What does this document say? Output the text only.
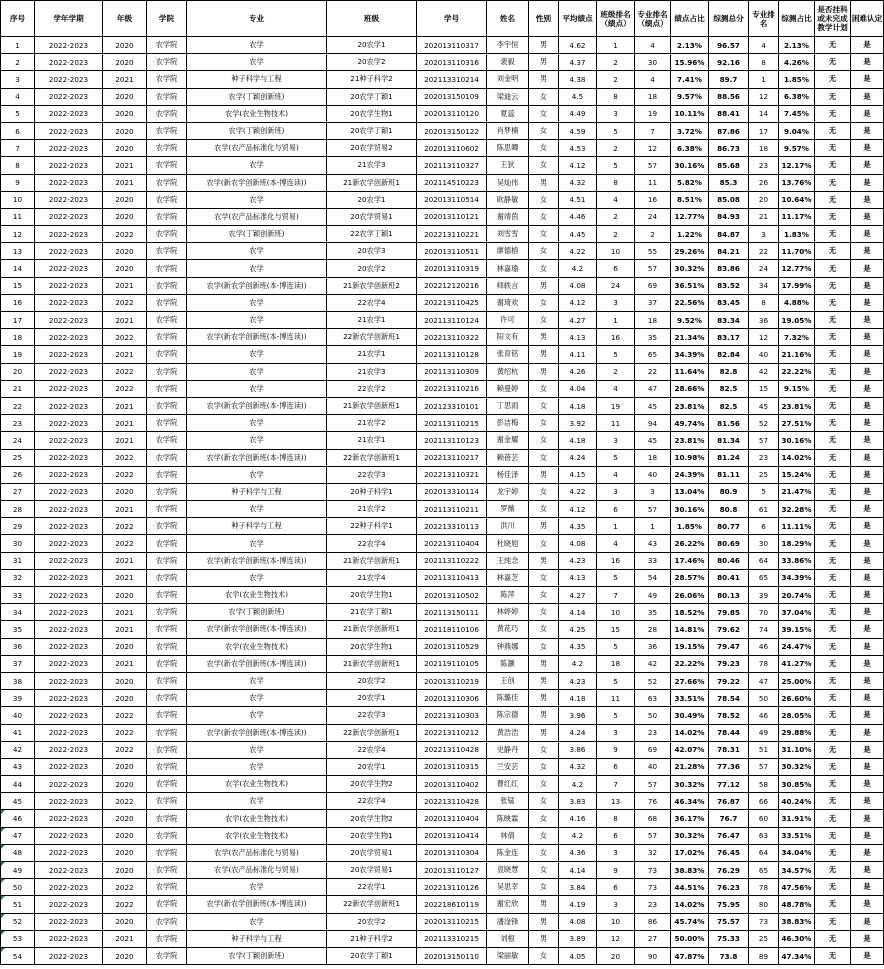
序号	学年学期	年级	学院	专业	班级	学号	姓名	性别	平均绩点	班级排名（绩点）	专业排名（绩点）	绩点占比	综测总分	专业排名	综测占比	是否挂科或未完成教学计划	困难认定
1	2022-2023	2020	农学院	农学	20农学1	202013110317	李宇恒	男	4.62	1	4	2.13%	96.57	4	2.13%	无	是
2	2022-2023	2020	农学院	农学	20农学2	202013110316	裴毅	男	4.37	2	30	15.96%	92.16	8	4.26%	无	是
3	2022-2023	2021	农学院	种子科学与工程	21种子科学2	202113310214	刘金明	男	4.38	2	4	7.41%	89.7	1	1.85%	无	是
4	2022-2023	2020	农学院	农学(丁颖创新班)	20农学丁颖1	202013150109	梁迪云	女	4.5	8	18	9.57%	88.56	12	6.38%	无	是
5	2022-2023	2020	农学院	农学(农业生物技术)	20农学生物1	202013110120	夏蕊	女	4.49	3	19	10.11%	88.41	14	7.45%	无	是
6	2022-2023	2020	农学院	农学(丁颖创新班)	20农学丁颖1	202013150122	肖梦楠	女	4.59	5	7	3.72%	87.86	17	9.04%	无	是
7	2022-2023	2020	农学院	农学(农产品标准化与贸易)	20农学贸易2	202013110602	陈思卿	女	4.53	2	12	6.38%	86.73	18	9.57%	无	是
8	2022-2023	2021	农学院	农学	21农学3	202113110327	王狄	女	4.12	5	57	30.16%	85.68	23	12.17%	无	是
9	2022-2023	2021	农学院	农学(新农学创新班(本-博连读))	21新农学创新班1	202114510223	吴灿伟	男	4.32	8	11	5.82%	85.3	26	13.76%	无	是
10	2022-2023	2020	农学院	农学	20农学1	202013110514	欧静敏	女	4.51	4	16	8.51%	85.08	20	10.64%	无	是
11	2022-2023	2020	农学院	农学(农产品标准化与贸易)	20农学贸易1	202013110121	谢靖茵	女	4.46	2	24	12.77%	84.93	21	11.17%	无	是
12	2022-2023	2022	农学院	农学(丁颖创新班)	22农学丁颖1	202213110221	刘雪雪	女	4.45	2	2	1.22%	84.87	3	1.83%	无	是
13	2022-2023	2020	农学院	农学	20农学3	202013110511	廖德榕	女	4.22	10	55	29.26%	84.21	22	11.70%	无	是
14	2022-2023	2020	农学院	农学	20农学2	202013110319	林嘉瑜	女	4.2	6	57	30.32%	83.86	24	12.77%	无	是
15	2022-2023	2021	农学院	农学(新农学创新班(本-博连读))	21新农学创新班2	202212120216	师轶言	男	4.08	24	69	36.51%	83.52	34	17.99%	无	是
16	2022-2023	2022	农学院	农学	22农学4	202213110425	谢琦欢	女	4.12	3	37	22.56%	83.45	8	4.88%	无	是
17	2022-2023	2021	农学院	农学	21农学1	202113110124	许可	女	4.27	1	18	9.52%	83.34	36	19.05%	无	是
18	2022-2023	2022	农学院	农学(新农学创新班(本-博连读))	22新农学创新班1	202213110322	阳文有	男	4.13	16	35	21.34%	83.17	12	7.32%	无	是
19	2022-2023	2021	农学院	农学	21农学1	202113110128	张育铭	男	4.11	5	65	34.39%	82.84	40	21.16%	无	是
20	2022-2023	2022	农学院	农学	21农学3	202113110309	黄绍杭	男	4.26	2	22	11.64%	82.8	42	22.22%	无	是
21	2022-2023	2022	农学院	农学	22农学2	202213110216	赖曼婷	女	4.04	4	47	28.66%	82.5	15	9.15%	无	是
22	2022-2023	2021	农学院	农学(新农学创新班(本-博连读))	21新农学创新班1	202123310101	丁思雨	女	4.18	19	45	23.81%	82.5	45	23.81%	无	是
23	2022-2023	2021	农学院	农学	21农学2	202113110215	彭洁梅	女	3.92	11	94	49.74%	81.56	52	27.51%	无	是
24	2022-2023	2021	农学院	农学	21农学1	202113110123	谢金耀	女	4.18	3	45	23.81%	81.34	57	30.16%	无	是
25	2022-2023	2022	农学院	农学(新农学创新班(本-博连读))	22新农学创新班1	202213110217	赖蓓芸	女	4.24	5	18	10.98%	81.24	23	14.02%	无	是
26	2022-2023	2022	农学院	农学	22农学3	202213110321	杨佳泽	男	4.15	4	40	24.39%	81.11	25	15.24%	无	是
27	2022-2023	2020	农学院	种子科学与工程	20种子科学1	202013310114	龙宇婷	女	4.22	3	3	13.04%	80.9	5	21.47%	无	是
28	2022-2023	2021	农学院	农学	21农学2	202113110211	罗薇	女	4.12	6	57	30.16%	80.8	61	32.28%	无	是
29	2022-2023	2022	农学院	种子科学与工程	22种子科学1	202213310113	洪川	男	4.35	1	1	1.85%	80.77	6	11.11%	无	是
30	2022-2023	2022	农学院	农学	22农学4	202213110404	杜晓旭	女	4.08	4	43	26.22%	80.69	30	18.29%	无	是
31	2022-2023	2021	农学院	农学(新农学创新班(本-博连读))	21新农学创新班1	202113110222	王纯念	男	4.23	16	33	17.46%	80.46	64	33.86%	无	是
32	2022-2023	2021	农学院	农学	21农学4	202113110413	林嘉芝	女	4.13	5	54	28.57%	80.41	65	34.39%	无	是
33	2022-2023	2020	农学院	农学(农业生物技术)	20农学生物1	202013110502	陈萍	女	4.27	7	49	26.06%	80.13	39	20.74%	无	是
34	2022-2023	2021	农学院	农学(丁颖创新班)	21农学丁颖1	202113150111	林婷婷	女	4.14	10	35	18.52%	79.85	70	37.04%	无	是
35	2022-2023	2021	农学院	农学(新农学创新班(本-博连读))	21新农学创新班1	202118110106	黄花巧	女	4.25	15	28	14.81%	79.62	74	39.15%	无	是
36	2022-2023	2020	农学院	农学(农业生物技术)	20农学生物1	202013110529	钟燕娜	女	4.35	5	36	19.15%	79.47	46	24.47%	无	是
37	2022-2023	2021	农学院	农学(新农学创新班(本-博连读))	21新农学创新班1	202119110105	陈灏	男	4.2	18	42	22.22%	79.23	78	41.27%	无	是
38	2022-2023	2020	农学院	农学	20农学2	202013110219	王创	男	4.23	5	52	27.66%	79.22	47	25.00%	无	是
39	2022-2023	2020	农学院	农学	20农学1	202013110306	陈璐佳	男	4.18	11	63	33.51%	78.54	50	26.60%	无	是
40	2022-2023	2022	农学院	农学	22农学3	202213110303	陈宗德	男	3.96	5	50	30.49%	78.52	46	28.05%	无	是
41	2022-2023	2022	农学院	农学(新农学创新班(本-博连读))	22新农学创新班1	202213110212	黄浩浩	男	4.24	3	23	14.02%	78.44	49	29.88%	无	是
42	2022-2023	2022	农学院	农学	22农学4	202213110428	史静丹	女	3.86	9	69	42.07%	78.31	51	31.10%	无	是
43	2022-2023	2020	农学院	农学	20农学1	202013110315	兰安芸	女	4.32	6	40	21.28%	77.36	57	30.32%	无	是
44	2022-2023	2020	农学院	农学(农业生物技术)	20农学生物2	202013110402	曹红红	女	4.2	7	57	30.32%	77.12	58	30.85%	无	是
45	2022-2023	2022	农学院	农学	22农学4	202213110428	张锰	女	3.83	13	76	46.34%	76.87	66	40.24%	无	是
46	2022-2023	2020	农学院	农学(农业生物技术)	20农学生物2	202013110404	陈映霖	女	4.16	8	68	36.17%	76.7	60	31.91%	无	是
47	2022-2023	2020	农学院	农学(农业生物技术)	20农学生物1	202013110414	林倩	女	4.2	6	57	30.32%	76.47	63	33.51%	无	是
48	2022-2023	2020	农学院	农学(农产品标准化与贸易)	20农学贸易1	202013110304	陈金连	女	4.36	3	32	17.02%	76.45	64	34.04%	无	是
49	2022-2023	2020	农学院	农学(农产品标准化与贸易)	20农学贸易1	202013110127	袁晓慧	女	4.14	9	73	38.83%	76.29	65	34.57%	无	是
50	2022-2023	2022	农学院	农学	22农学1	202213110126	吴思幸	女	3.84	6	73	44.51%	76.23	78	47.56%	无	是
51	2022-2023	2022	农学院	农学(新农学创新班(本-博连读))	22新农学创新班1	202218610119	谢宏欣	男	4.19	3	23	14.02%	75.95	80	48.78%	无	是
52	2022-2023	2020	农学院	农学	20农学2	202013110215	潘淦锋	男	4.08	10	86	45.74%	75.57	73	38.83%	无	是
53	2022-2023	2021	农学院	种子科学与工程	21种子科学2	202113310215	刘根	男	3.89	12	27	50.00%	75.33	25	46.30%	无	是
54	2022-2023	2020	农学院	农学(丁颖创新班)	20农学丁颖1	202013150110	梁丽敏	女	4.05	20	90	47.87%	73.8	89	47.34%	无	是
